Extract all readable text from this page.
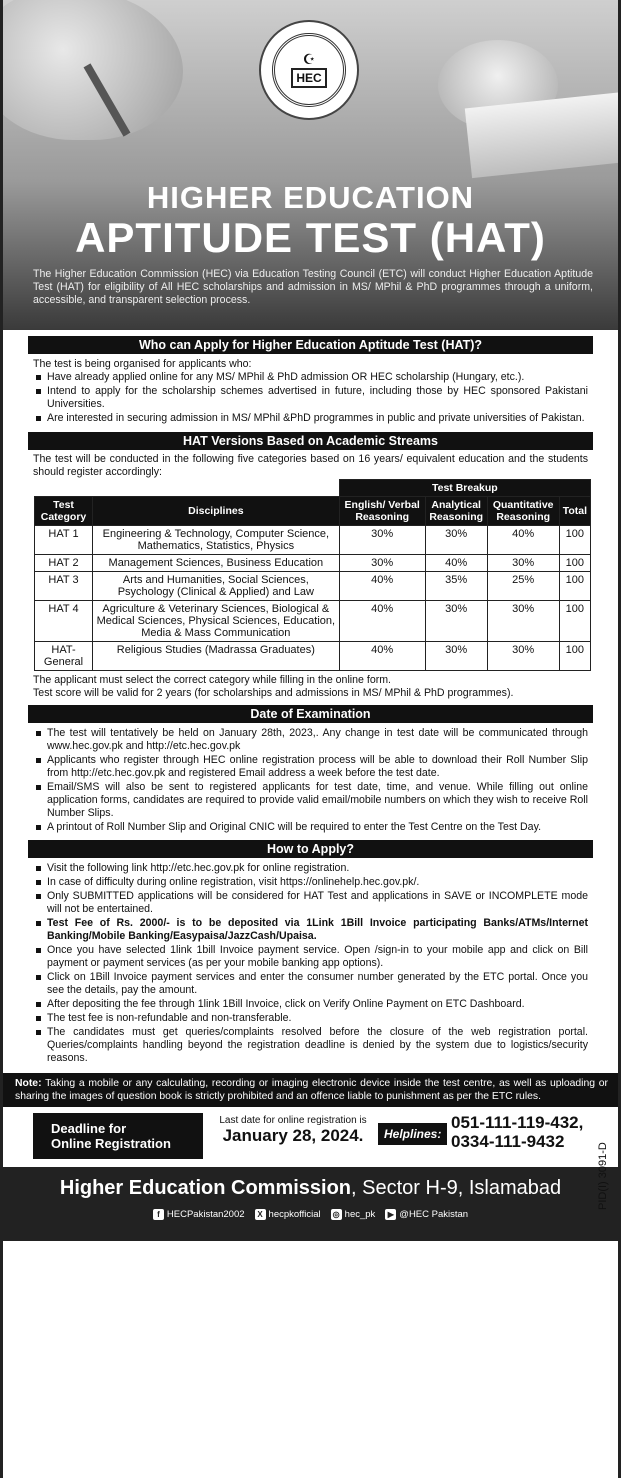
☪
HEC
HIGHER EDUCATION
APTITUDE TEST (HAT)
The Higher Education Commission (HEC) via Education Testing Council (ETC) will conduct Higher Education Aptitude Test (HAT) for eligibility of All HEC scholarships and admission in MS/ MPhil & PhD programmes through a uniform, accessible, and transparent selection process.
Who can Apply for Higher Education Aptitude Test (HAT)?
The test is being organised for applicants who:
Have already applied online for any MS/ MPhil & PhD admission OR HEC scholarship (Hungary, etc.).
Intend to apply for the scholarship schemes advertised in future, including those by HEC sponsored Pakistani Universities.
Are interested in securing admission in MS/ MPhil &PhD programmes in public and private universities of Pakistan.
HAT Versions Based on Academic Streams
The test will be conducted in the following five categories based on 16 years/ equivalent education and the students should register accordingly:
		Test Breakup			
Test Category	Disciplines	English/ Verbal Reasoning	Analytical Reasoning	Quantitative Reasoning	Total
HAT 1	Engineering & Technology, Computer Science, Mathematics, Statistics, Physics	30%	30%	40%	100
HAT 2	Management Sciences, Business Education	30%	40%	30%	100
HAT 3	Arts and Humanities, Social Sciences, Psychology (Clinical & Applied) and Law	40%	35%	25%	100
HAT 4	Agriculture & Veterinary Sciences, Biological & Medical Sciences, Physical Sciences, Education, Media & Mass Communication	40%	30%	30%	100
HAT-General	Religious Studies (Madrassa Graduates)	40%	30%	30%	100
The applicant must select the correct category while filling in the online form.
Test score will be valid for 2 years (for scholarships and admissions in MS/ MPhil & PhD programmes).
Date of Examination
The test will tentatively be held on January 28th, 2023,. Any change in test date will be communicated through www.hec.gov.pk and http://etc.hec.gov.pk
Applicants who register through HEC online registration process will be able to download their Roll Number Slip from http://etc.hec.gov.pk and registered Email address a week before the test date.
Email/SMS will also be sent to registered applicants for test date, time, and venue. While filling out online application forms, candidates are required to provide valid email/mobile numbers on which they wish to receive Roll Number Slips.
A printout of Roll Number Slip and Original CNIC will be required to enter the Test Centre on the Test Day.
How to Apply?
Visit the following link http://etc.hec.gov.pk for online registration.
In case of difficulty during online registration, visit https://onlinehelp.hec.gov.pk/.
Only SUBMITTED applications will be considered for HAT Test and applications in SAVE or INCOMPLETE mode will not be entertained.
Test Fee of Rs. 2000/- is to be deposited via 1Link 1Bill Invoice participating Banks/ATMs/Internet Banking/Mobile Banking/Easypaisa/JazzCash/Upaisa.
Once you have selected 1link 1bill Invoice payment service. Open /sign-in to your mobile app and click on Bill payment or payment services (as per your mobile banking app options).
Click on 1Bill Invoice payment services and enter the consumer number generated by the ETC portal. Once you see the details, pay the amount.
After depositing the fee through 1link 1Bill Invoice, click on Verify Online Payment on ETC Dashboard.
The test fee is non-refundable and non-transferable.
The candidates must get queries/complaints resolved before the closure of the web registration portal. Queries/complaints handling beyond the registration deadline is denied by the system due to logistics/security reasons.
PID(I) 3091-D
Note: Taking a mobile or any calculating, recording or imaging electronic device inside the test centre, as well as uploading or sharing the images of question book is strictly prohibited and an offence liable to punishment as per the ETC rules.
Deadline for
Online Registration
Last date for online registration is
January 28, 2024.	Helplines:
051-111-119-432,
0334-111-9432
Higher Education Commission, Sector H-9, Islamabad
f HECPakistan2002	X hecpkofficial ◎ hec_pk	▶ @HEC Pakistan
